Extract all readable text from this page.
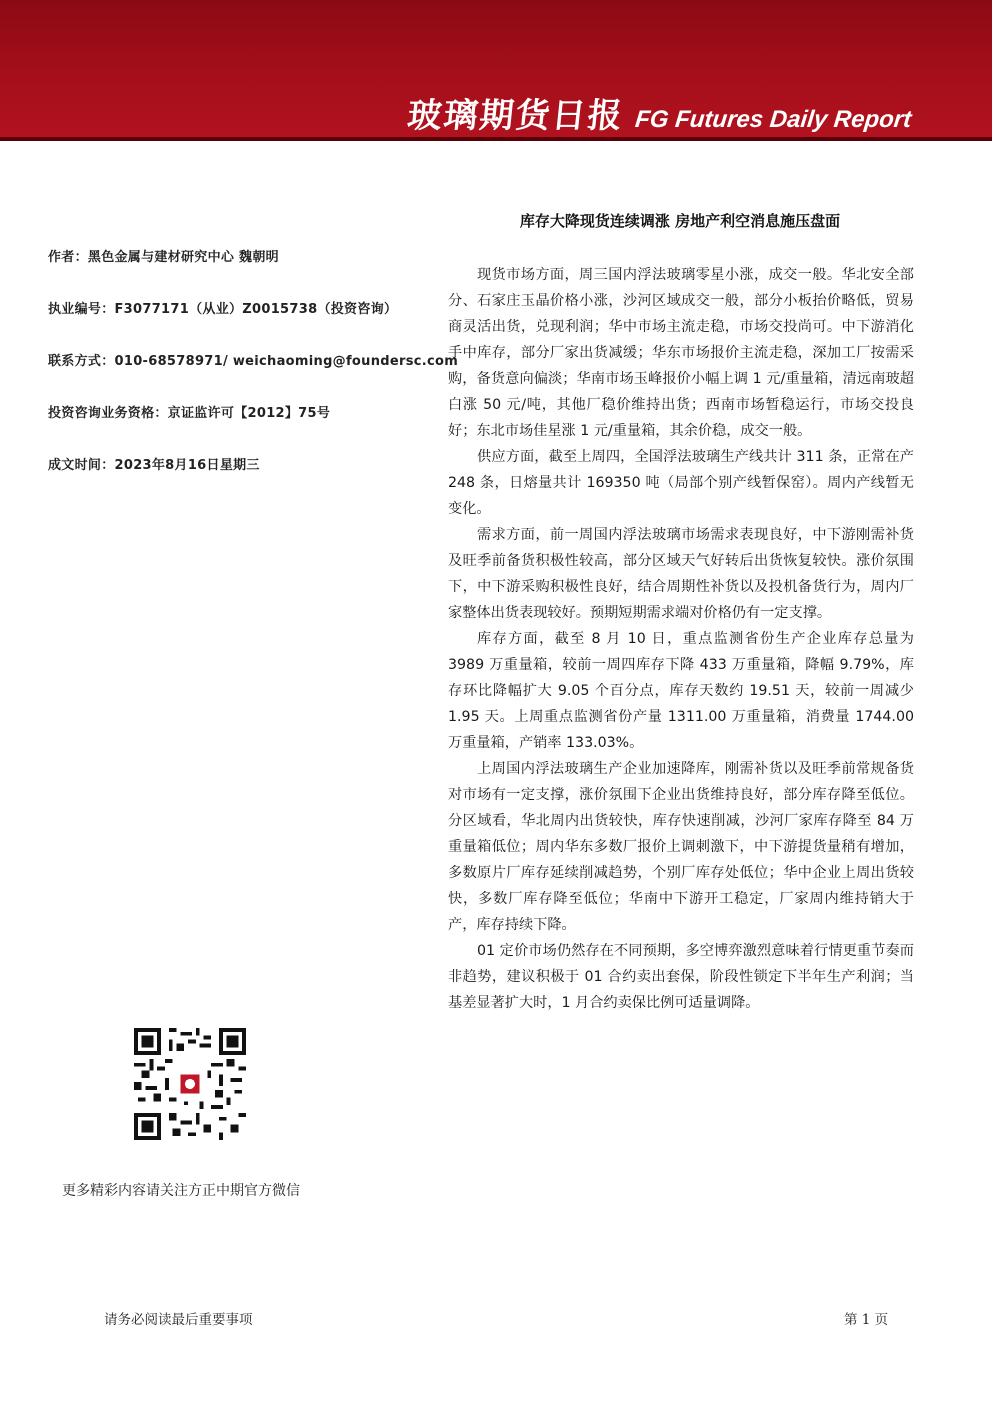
玻璃期货日报 FG Futures Daily Report
库存大降现货连续调涨 房地产利空消息施压盘面
作者：黑色金属与建材研究中心 魏朝明
执业编号：F3077171（从业）Z0015738（投资咨询）
联系方式：010-68578971/ weichaoming@foundersc.com
投资咨询业务资格：京证监许可【2012】75号
成文时间：2023年8月16日星期三

现货市场方面，周三国内浮法玻璃零星小涨，成交一般。华北安全部分、石家庄玉晶价格小涨，沙河区域成交一般，部分小板抬价略低，贸易商灵活出货，兑现利润；华中市场主流走稳，市场交投尚可。中下游消化手中库存，部分厂家出货减缓；华东市场报价主流走稳，深加工厂按需采购，备货意向偏淡；华南市场玉峰报价小幅上调 1 元/重量箱，清远南玻超白涨 50 元/吨，其他厂稳价维持出货；西南市场暂稳运行，市场交投良好；东北市场佳星涨 1 元/重量箱，其余价稳，成交一般。

供应方面，截至上周四，全国浮法玻璃生产线共计 311 条，正常在产 248 条，日熔量共计 169350 吨（局部个别产线暂保窑）。周内产线暂无变化。

需求方面，前一周国内浮法玻璃市场需求表现良好，中下游刚需补货及旺季前备货积极性较高，部分区域天气好转后出货恢复较快。涨价氛围下，中下游采购积极性良好，结合周期性补货以及投机备货行为，周内厂家整体出货表现较好。预期短期需求端对价格仍有一定支撑。

库存方面，截至 8 月 10 日，重点监测省份生产企业库存总量为 3989 万重量箱，较前一周四库存下降 433 万重量箱，降幅 9.79%，库存环比降幅扩大 9.05 个百分点，库存天数约 19.51 天，较前一周减少 1.95 天。上周重点监测省份产量 1311.00 万重量箱，消费量 1744.00 万重量箱，产销率 133.03%。

上周国内浮法玻璃生产企业加速降库，刚需补货以及旺季前常规备货对市场有一定支撑，涨价氛围下企业出货维持良好，部分库存降至低位。分区域看，华北周内出货较快，库存快速削减，沙河厂家库存降至 84 万重量箱低位；周内华东多数厂报价上调刺激下，中下游提货量稍有增加，多数原片厂库存延续削减趋势，个别厂库存处低位；华中企业上周出货较快，多数厂库存降至低位；华南中下游开工稳定，厂家周内维持销大于产，库存持续下降。

01 定价市场仍然存在不同预期，多空博弈激烈意味着行情更重节奏而非趋势，建议积极于 01 合约卖出套保，阶段性锁定下半年生产利润；当基差显著扩大时，1 月合约卖保比例可适量调降。

更多精彩内容请关注方正中期官方微信
请务必阅读最后重要事项	第 1 页
